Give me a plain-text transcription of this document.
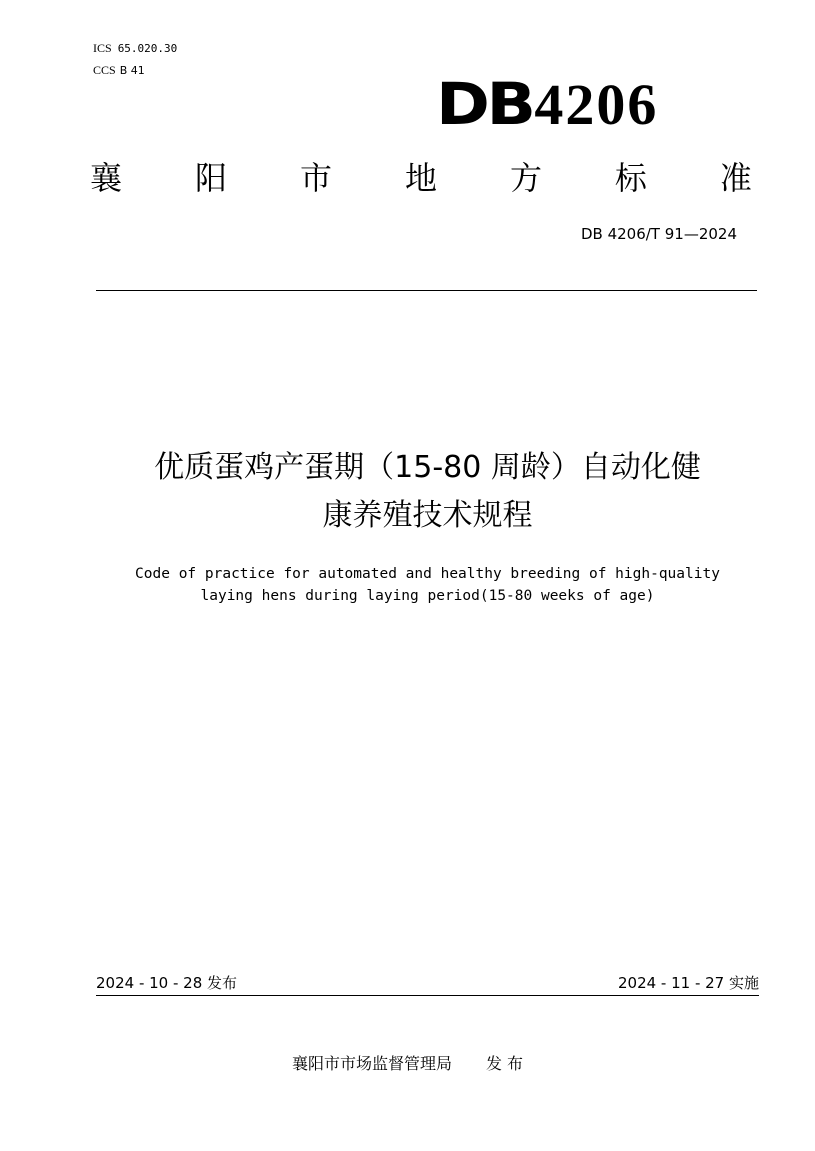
ICS 65.020.30
CCS B 41	DB4206
襄 阳 市 地 方 标 准
DB 4206/T 91—2024
优质蛋鸡产蛋期（15-80 周龄）自动化健
康养殖技术规程
Code of practice for automated and healthy breeding of high-quality
laying hens during laying period(15-80 weeks of age)
2024 - 10 - 28 发布	2024 - 11 - 27 实施
襄阳市市场监督管理局 发 布
